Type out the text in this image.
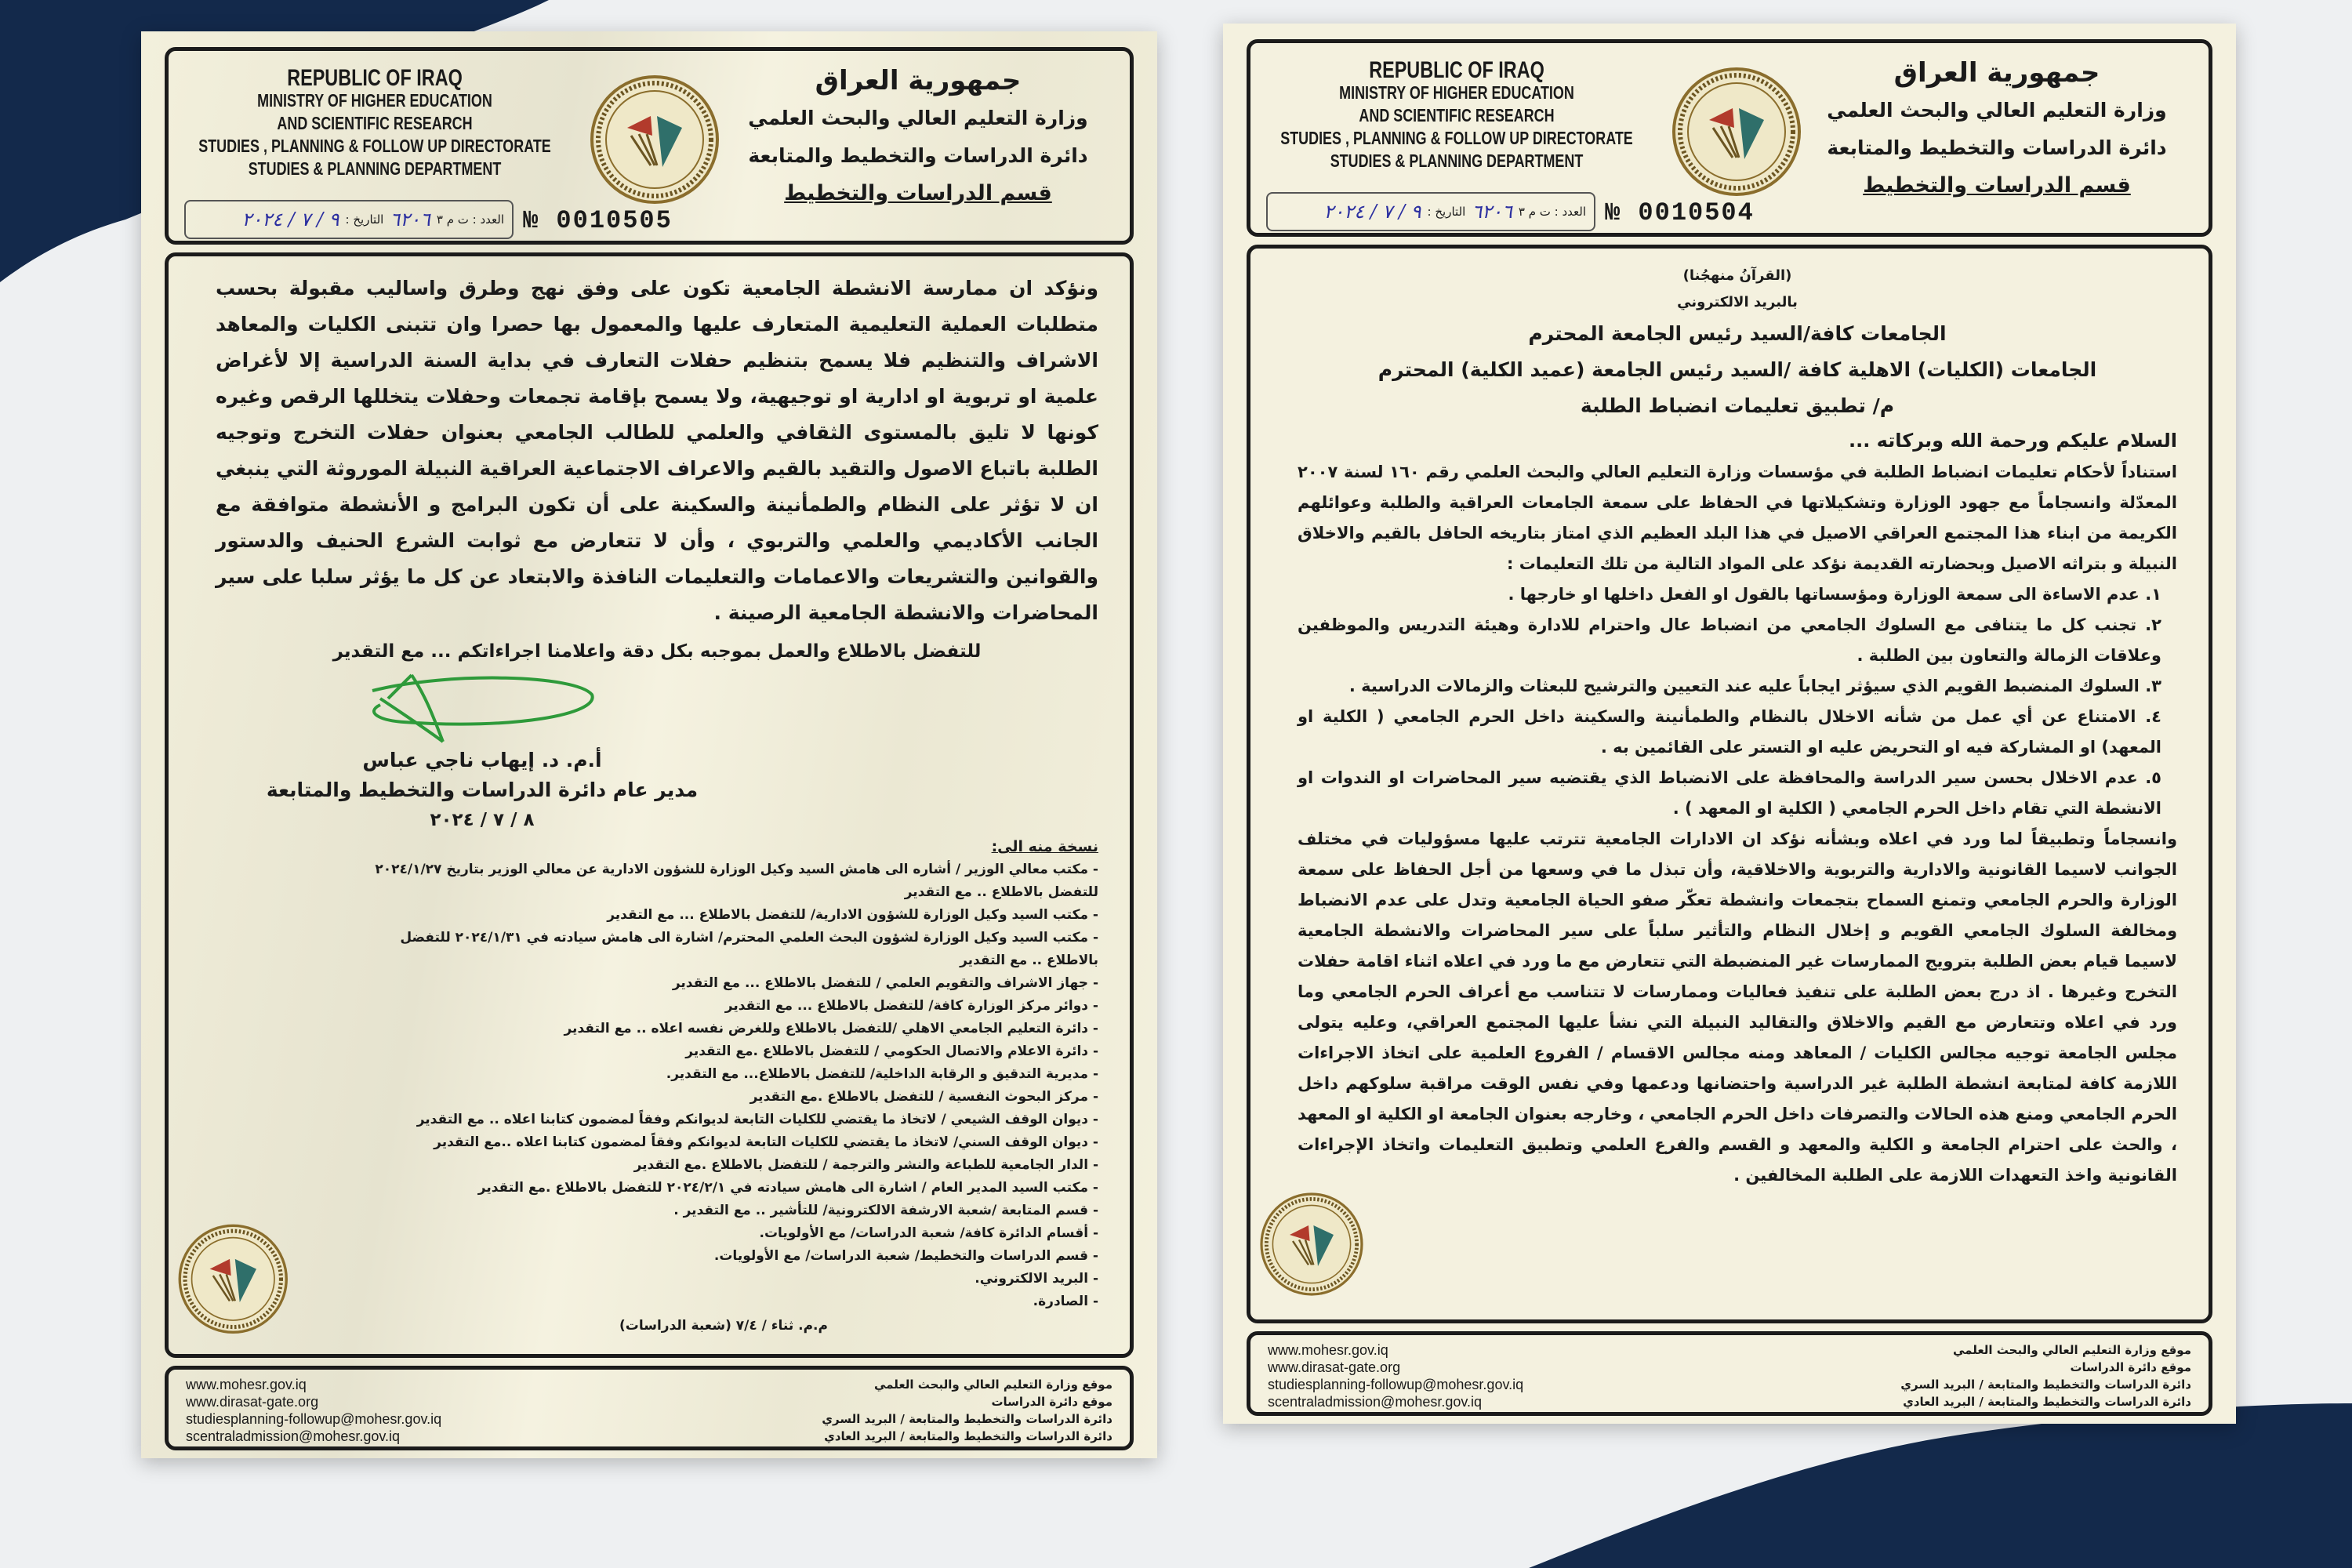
REPUBLIC OF IRAQ
MINISTRY OF HIGHER EDUCATION
AND SCIENTIFIC RESEARCH
STUDIES , PLANNING & FOLLOW UP DIRECTORATE
STUDIES & PLANNING DEPARTMENT
جمهورية العراق
وزارة التعليم العالي والبحث العلمي
دائرة الدراسات والتخطيط والمتابعة
قسم الدراسات والتخطيط
العدد : ت م ٣
٦٢٠٦
التاريخ :
٩ / ٧ / ٢٠٢٤	№ 0010505
ونؤكد ان ممارسة الانشطة الجامعية تكون على وفق نهج وطرق واساليب مقبولة بحسب متطلبات العملية التعليمية المتعارف عليها والمعمول بها حصرا وان تتبنى الكليات والمعاهد الاشراف والتنظيم فلا يسمح بتنظيم حفلات التعارف في بداية السنة الدراسية إلا لأغراض علمية او تربوية او ادارية او توجيهية، ولا يسمح بإقامة تجمعات وحفلات يتخللها الرقص وغيره كونها لا تليق بالمستوى الثقافي والعلمي للطالب الجامعي بعنوان حفلات التخرج وتوجيه الطلبة باتباع الاصول والتقيد بالقيم والاعراف الاجتماعية العراقية النبيلة الموروثة التي ينبغي ان لا تؤثر على النظام والطمأنينة والسكينة على أن تكون البرامج و الأنشطة متوافقة مع الجانب الأكاديمي والعلمي والتربوي ، وأن لا تتعارض مع ثوابت الشرع الحنيف والدستور والقوانين والتشريعات والاعمامات والتعليمات النافذة والابتعاد عن كل ما يؤثر سلبا على سير المحاضرات والانشطة الجامعية الرصينة .
للتفضل بالاطلاع والعمل بموجبه بكل دقة واعلامنا اجراءاتكم ... مع التقدير
أ.م. د. إيهاب ناجي عباس
مدير عام دائرة الدراسات والتخطيط والمتابعة
٨ / ٧ / ٢٠٢٤
نسخة منه الى:

- مكتب معالي الوزير / أشاره الى هامش السيد وكيل الوزارة للشؤون الادارية عن معالي الوزير بتاريخ ٢٠٢٤/١/٢٧ للتفضل بالاطلاع .. مع التقدير

- مكتب السيد وكيل الوزارة للشؤون الادارية/ للتفضل بالاطلاع ... مع التقدير

- مكتب السيد وكيل الوزارة لشؤون البحث العلمي المحترم/ اشارة الى هامش سيادته في ٢٠٢٤/١/٣١ للتفضل بالاطلاع .. مع التقدير

- جهاز الاشراف والتقويم العلمي / للتفضل بالاطلاع ... مع التقدير

- دوائر مركز الوزارة كافة/ للتفضل بالاطلاع ... مع التقدير

- دائرة التعليم الجامعي الاهلي /للتفضل بالاطلاع وللغرض نفسه اعلاه .. مع التقدير

- دائرة الاعلام والاتصال الحكومي / للتفضل بالاطلاع .مع التقدير

- مديرية التدقيق و الرقابة الداخلية/ للتفضل بالاطلاع... مع التقدير.

- مركز البحوث النفسية / للتفضل بالاطلاع .مع التقدير

- ديوان الوقف الشيعي / لاتخاذ ما يقتضي للكليات التابعة لديوانكم وفقاً لمضمون كتابنا اعلاه .. مع التقدير

- ديوان الوقف السني/ لاتخاذ ما يقتضي للكليات التابعة لديوانكم وفقاً لمضمون كتابنا اعلاه ..مع التقدير

- الدار الجامعية للطباعة والنشر والترجمة / للتفضل بالاطلاع .مع التقدير

- مكتب السيد المدير العام / اشارة الى هامش سيادته في ٢٠٢٤/٢/١ للتفضل بالاطلاع .مع التقدير

- قسم المتابعة /شعبة الارشفة الالكترونية/ للتأشير .. مع التقدير .

- أقسام الدائرة كافة/ شعبة الدراسات/ مع الأولويات.

- قسم الدراسات والتخطيط/ شعبة الدراسات/ مع الأولويات.

- البريد الالكتروني.

- الصادرة.

م.م. ثناء / ٧/٤ (شعبة الدراسات)
www.mohesr.gov.iq
www.dirasat-gate.org
studiesplanning-followup@mohesr.gov.iq
scentraladmission@mohesr.gov.iq
موقع وزارة التعليم العالي والبحث العلمي
موقع دائرة الدراسات
دائرة الدراسات والتخطيط والمتابعة / البريد السري
دائرة الدراسات والتخطيط والمتابعة / البريد العادي
REPUBLIC OF IRAQ
MINISTRY OF HIGHER EDUCATION
AND SCIENTIFIC RESEARCH
STUDIES , PLANNING & FOLLOW UP DIRECTORATE
STUDIES & PLANNING DEPARTMENT
جمهورية العراق
وزارة التعليم العالي والبحث العلمي
دائرة الدراسات والتخطيط والمتابعة
قسم الدراسات والتخطيط
العدد : ت م ٣
٦٢٠٦
التاريخ :
٩ / ٧ / ٢٠٢٤	№ 0010504
(القرآنُ منهجُنا)
بالبريد الالكتروني
الجامعات كافة/السيد رئيس الجامعة المحترم
الجامعات (الكليات) الاهلية كافة /السيد رئيس الجامعة (عميد الكلية) المحترم
م/ تطبيق تعليمات انضباط الطلبة
السلام عليكم ورحمة الله وبركاته ...
استناداً لأحكام تعليمات انضباط الطلبة في مؤسسات وزارة التعليم العالي والبحث العلمي رقم ١٦٠ لسنة ٢٠٠٧ المعدّلة وانسجاماً مع جهود الوزارة وتشكيلاتها في الحفاظ على سمعة الجامعات العراقية والطلبة وعوائلهم الكريمة من ابناء هذا المجتمع العراقي الاصيل في هذا البلد العظيم الذي امتاز بتاريخه الحافل بالقيم والاخلاق النبيلة و بتراثه الاصيل وبحضارته القديمة نؤكد على المواد التالية من تلك التعليمات :

١. عدم الاساءة الى سمعة الوزارة ومؤسساتها بالقول او الفعل داخلها او خارجها .

٢. تجنب كل ما يتنافى مع السلوك الجامعي من انضباط عال واحترام للادارة وهيئة التدريس والموظفين وعلاقات الزمالة والتعاون بين الطلبة .

٣. السلوك المنضبط القويم الذي سيؤثر ايجاباً عليه عند التعيين والترشيح للبعثات والزمالات الدراسية .

٤. الامتناع عن أي عمل من شأنه الاخلال بالنظام والطمأنينة والسكينة داخل الحرم الجامعي ( الكلية او المعهد) او المشاركة فيه او التحريض عليه او التستر على القائمين به .

٥. عدم الاخلال بحسن سير الدراسة والمحافظة على الانضباط الذي يقتضيه سير المحاضرات او الندوات او الانشطة التي تقام داخل الحرم الجامعي ( الكلية او المعهد ) .

وانسجاماً وتطبيقاً لما ورد في اعلاه وبشأنه نؤكد ان الادارات الجامعية تترتب عليها مسؤوليات في مختلف الجوانب لاسيما القانونية والادارية والتربوية والاخلاقية، وأن تبذل ما في وسعها من أجل الحفاظ على سمعة الوزارة والحرم الجامعي وتمنع السماح بتجمعات وانشطة تعكّر صفو الحياة الجامعية وتدل على عدم الانضباط ومخالفة السلوك الجامعي القويم و إخلال النظام والتأثير سلباً على سير المحاضرات والانشطة الجامعية لاسيما قيام بعض الطلبة بترويج الممارسات غير المنضبطة التي تتعارض مع ما ورد في اعلاه اثناء اقامة حفلات التخرج وغيرها . اذ درج بعض الطلبة على تنفيذ فعاليات وممارسات لا تتناسب مع أعراف الحرم الجامعي وما ورد في اعلاه وتتعارض مع القيم والاخلاق والتقاليد النبيلة التي نشأ عليها المجتمع العراقي، وعليه يتولى مجلس الجامعة توجيه مجالس الكليات / المعاهد ومنه مجالس الاقسام / الفروع العلمية على اتخاذ الاجراءات اللازمة كافة لمتابعة انشطة الطلبة غير الدراسية واحتضانها ودعمها وفي نفس الوقت مراقبة سلوكهم داخل الحرم الجامعي ومنع هذه الحالات والتصرفات داخل الحرم الجامعي ، وخارجه بعنوان الجامعة او الكلية او المعهد ، والحث على احترام الجامعة و الكلية والمعهد و القسم والفرع العلمي وتطبيق التعليمات واتخاذ الإجراءات القانونية واخذ التعهدات اللازمة على الطلبة المخالفين .
www.mohesr.gov.iq
www.dirasat-gate.org
studiesplanning-followup@mohesr.gov.iq
scentraladmission@mohesr.gov.iq
موقع وزارة التعليم العالي والبحث العلمي
موقع دائرة الدراسات
دائرة الدراسات والتخطيط والمتابعة / البريد السري
دائرة الدراسات والتخطيط والمتابعة / البريد العادي
